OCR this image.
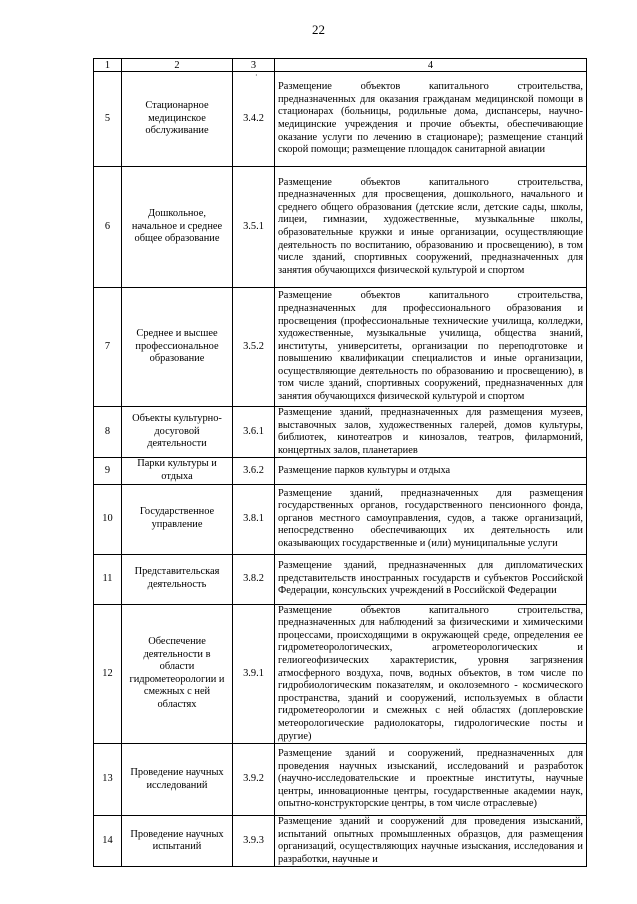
22
·
1	2	3	4
5	Стационарное медицинское обслуживание	3.4.2	Размещение объектов капитального строительства, предназначенных для оказания гражданам медицинской помощи в стационарах (больницы, родильные дома, диспансеры, научно-медицинские учреждения и прочие объекты, обеспечивающие оказание услуги по лечению в стационаре); размещение станций скорой помощи; размещение площадок санитарной авиации
6	Дошкольное, начальное и среднее общее образование	3.5.1	Размещение объектов капитального строительства, предназначенных для просвещения, дошкольного, начального и среднего общего образования (детские ясли, детские сады, школы, лицеи, гимназии, художественные, музыкальные школы, образовательные кружки и иные организации, осуществляющие деятельность по воспитанию, образованию и просвещению), в том числе зданий, спортивных сооружений, предназначенных для занятия обучающихся физической культурой и спортом
7	Среднее и высшее профессиональное образование	3.5.2	Размещение объектов капитального строительства, предназначенных для профессионального образования и просвещения (профессиональные технические училища, колледжи, художественные, музыкальные училища, общества знаний, институты, университеты, организации по переподготовке и повышению квалификации специалистов и иные организации, осуществляющие деятельность по образованию и просвещению), в том числе зданий, спортивных сооружений, предназначенных для занятия обучающихся физической культурой и спортом
8	Объекты культурно-досуговой деятельности	3.6.1	Размещение зданий, предназначенных для размещения музеев, выставочных залов, художественных галерей, домов культуры, библиотек, кинотеатров и кинозалов, театров, филармоний, концертных залов, планетариев
9	Парки культуры и отдыха	3.6.2	Размещение парков культуры и отдыха
10	Государственное управление	3.8.1	Размещение зданий, предназначенных для размещения государственных органов, государственного пенсионного фонда, органов местного самоуправления, судов, а также организаций, непосредственно обеспечивающих их деятельность или оказывающих государственные и (или) муниципальные услуги
11	Представительская деятельность	3.8.2	Размещение зданий, предназначенных для дипломатических представительств иностранных государств и субъектов Российской Федерации, консульских учреждений в Российской Федерации
12	Обеспечение деятельности в области гидрометеорологии и смежных с ней областях	3.9.1	Размещение объектов капитального строительства, предназначенных для наблюдений за физическими и химическими процессами, происходящими в окружающей среде, определения ее гидрометеорологических, агрометеорологических и гелиогеофизических характеристик, уровня загрязнения атмосферного воздуха, почв, водных объектов, в том числе по гидробиологическим показателям, и околоземного - космического пространства, зданий и сооружений, используемых в области гидрометеорологии и смежных с ней областях (доплеровские метеорологические радиолокаторы, гидрологические посты и другие)
13	Проведение научных исследований	3.9.2	Размещение зданий и сооружений, предназначенных для проведения научных изысканий, исследований и разработок (научно-исследовательские и проектные институты, научные центры, инновационные центры, государственные академии наук, опытно-конструкторские центры, в том числе отраслевые)
14	Проведение научных испытаний	3.9.3	Размещение зданий и сооружений для проведения изысканий, испытаний опытных промышленных образцов, для размещения организаций, осуществляющих научные изыскания, исследования и разработки, научные и
